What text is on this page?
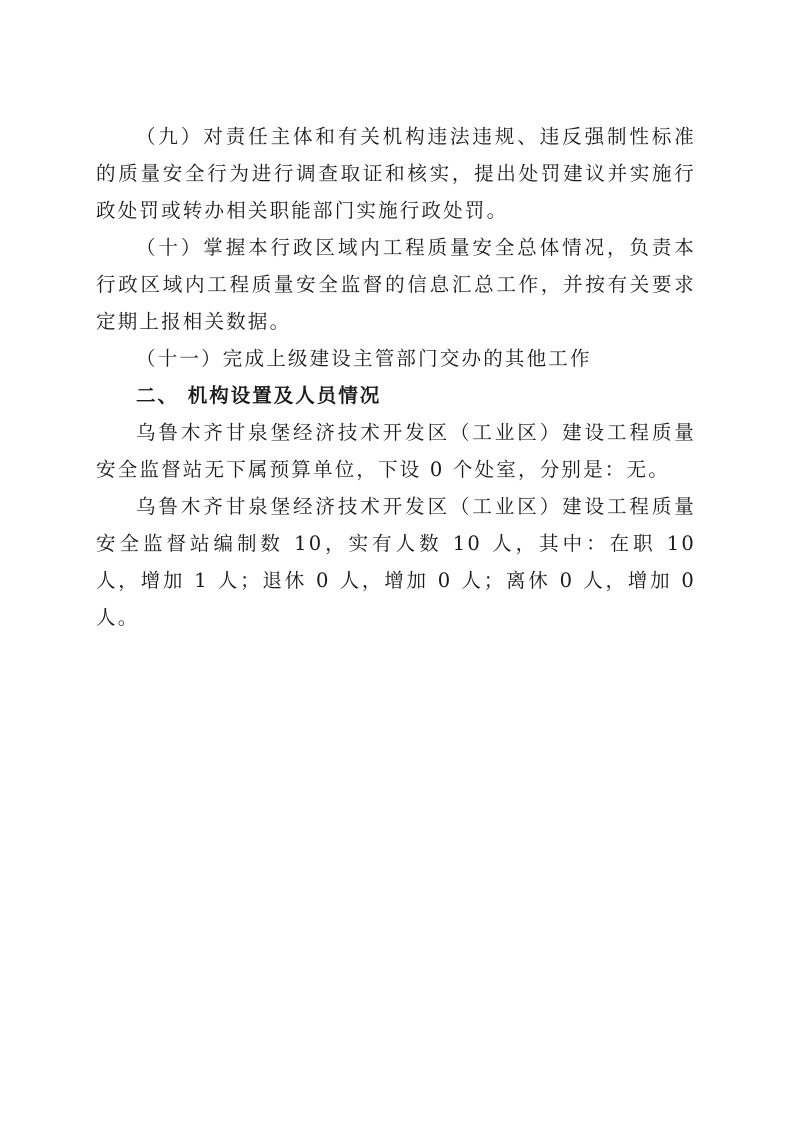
（九）对责任主体和有关机构违法违规、违反强制性标准的质量安全行为进行调查取证和核实，提出处罚建议并实施行政处罚或转办相关职能部门实施行政处罚。

（十）掌握本行政区域内工程质量安全总体情况，负责本行政区域内工程质量安全监督的信息汇总工作，并按有关要求定期上报相关数据。

（十一）完成上级建设主管部门交办的其他工作

二、 机构设置及人员情况

乌鲁木齐甘泉堡经济技术开发区（工业区）建设工程质量安全监督站无下属预算单位，下设 0 个处室，分别是：无。

乌鲁木齐甘泉堡经济技术开发区（工业区）建设工程质量安全监督站编制数 10，实有人数 10 人，其中：在职 10 人，增加 1 人；退休 0 人，增加 0 人；离休 0 人，增加 0 人。
